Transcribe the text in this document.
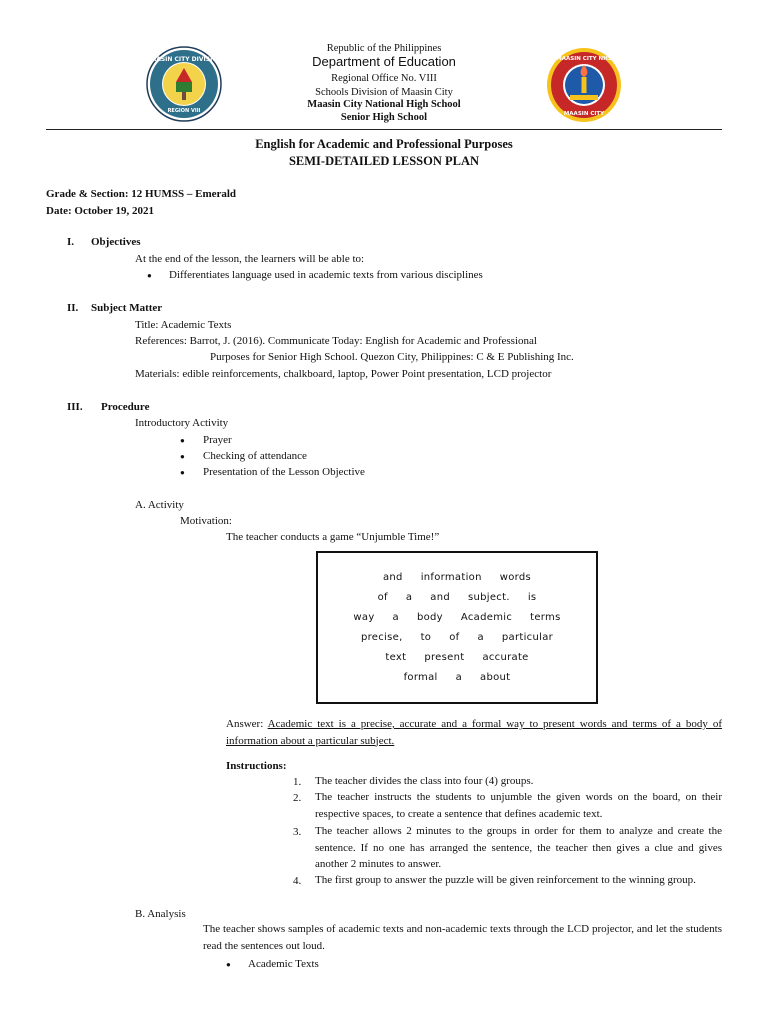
MAASIN CITY DIVISION
REGION VIII
MAASIN CITY NHS
MAASIN CITY
Republic of the Philippines
Department of Education
Regional Office No. VIII
Schools Division of Maasin City
Maasin City National High School
Senior High School
English for Academic and Professional Purposes
SEMI-DETAILED LESSON PLAN
Grade & Section: 12 HUMSS – Emerald
Date: October 19, 2021
I. Objectives
At the end of the lesson, the learners will be able to:
● Differentiates language used in academic texts from various disciplines
II. Subject Matter
Title: Academic Texts
References: Barrot, J. (2016). Communicate Today: English for Academic and Professional
Purposes for Senior High School. Quezon City, Philippines: C & E Publishing Inc.
Materials: edible reinforcements, chalkboard, laptop, Power Point presentation, LCD projector
III. Procedure
Introductory Activity
● Prayer
● Checking of attendance
● Presentation of the Lesson Objective
A. Activity
Motivation:
The teacher conducts a game “Unjumble Time!”
and information words
of a and subject. is
way a body Academic terms
precise, to of a particular
text present accurate
formal a about
Answer: Academic text is a precise, accurate and a formal way to present words and terms of a body of information about a particular subject.
Instructions:
1. The teacher divides the class into four (4) groups.
2. The teacher instructs the students to unjumble the given words on the board, on their respective spaces, to create a sentence that defines academic text.
3. The teacher allows 2 minutes to the groups in order for them to analyze and create the sentence. If no one has arranged the sentence, the teacher then gives a clue and gives another 2 minutes to answer.
4. The first group to answer the puzzle will be given reinforcement to the winning group.
B. Analysis
The teacher shows samples of academic texts and non-academic texts through the LCD projector, and let the students read the sentences out loud.
● Academic Texts
